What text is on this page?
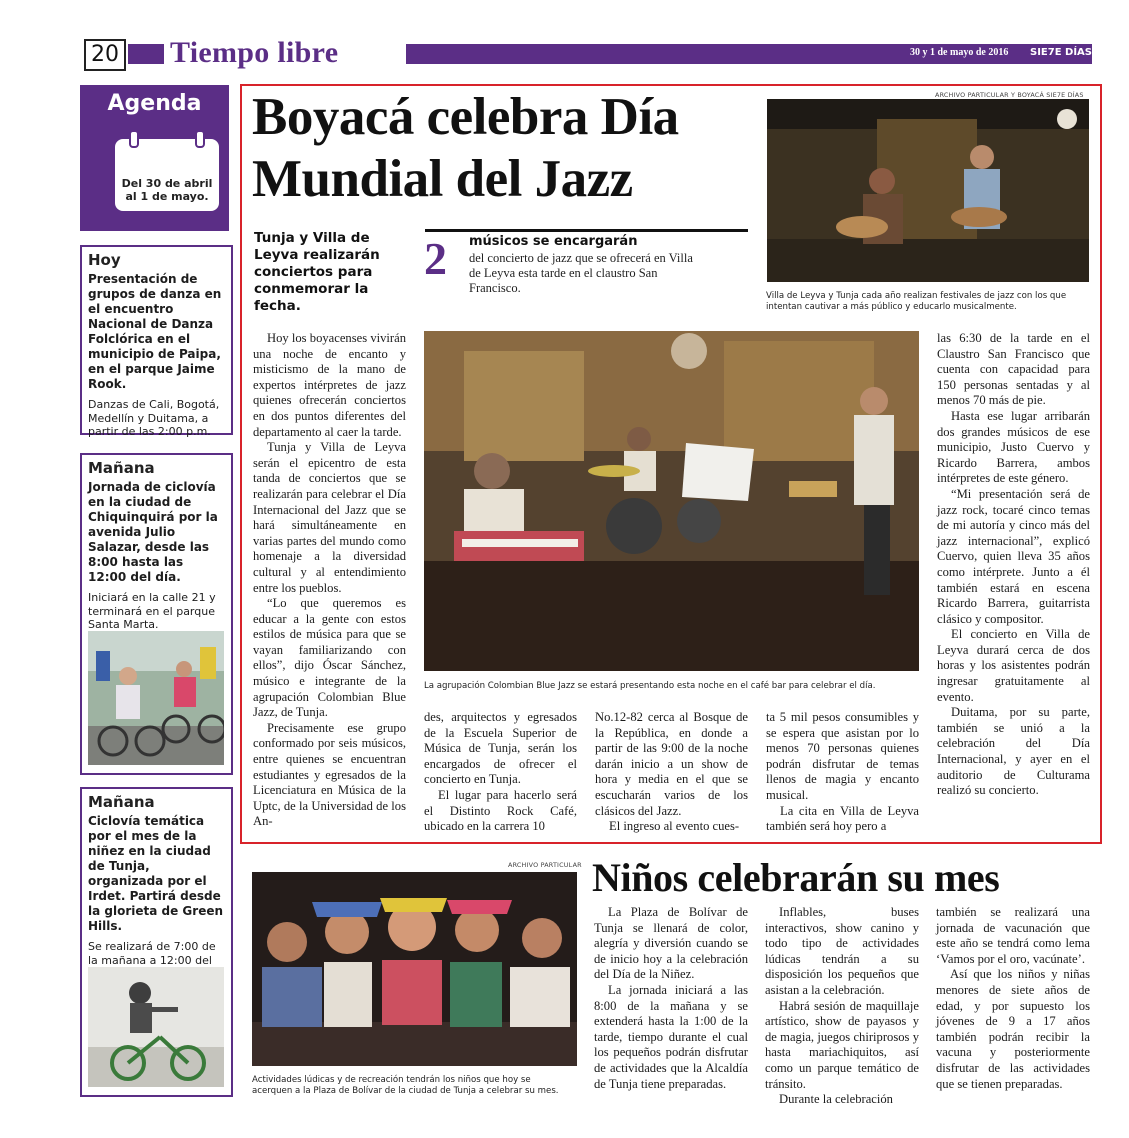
20 Tiempo libre	30 y 1 de mayo de 2016 SIE7E DÍAS
Agenda
Del 30 de abril al 1 de mayo.
Hoy
Presentación de grupos de danza en el encuentro Nacional de Danza Folclórica en el municipio de Paipa, en el parque Jaime Rook.
Danzas de Cali, Bogotá, Medellín y Duitama, a partir de las 2:00 p.m.
Mañana
Jornada de ciclovía en la ciudad de Chiquinquirá por la avenida Julio Salazar, desde las 8:00 hasta las 12:00 del día.
Iniciará en la calle 21 y terminará en el parque Santa Marta.
Mañana
Ciclovía temática por el mes de la niñez en la ciudad de Tunja, organizada por el Irdet. Partirá desde la glorieta de Green Hills.
Se realizará de 7:00 de la mañana a 12:00 del
Boyacá celebra Día Mundial del Jazz
Tunja y Villa de Leyva realizarán conciertos para conmemorar la fecha.
2 músicos se encargarán
del concierto de jazz que se ofrecerá en Villa de Leyva esta tarde en el claustro San Francisco.
ARCHIVO PARTICULAR Y BOYACÁ SIE7E DÍAS
Villa de Leyva y Tunja cada año realizan festivales de jazz con los que intentan cautivar a más público y educarlo musicalmente.
La agrupación Colombian Blue Jazz se estará presentando esta noche en el café bar para celebrar el día.

Hoy los boyacenses vivirán una noche de encanto y misticismo de la mano de expertos intérpretes de jazz quienes ofrecerán conciertos en dos puntos diferentes del departamento al caer la tarde.

Tunja y Villa de Leyva serán el epicentro de esta tanda de conciertos que se realizarán para celebrar el Día Internacional del Jazz que se hará simultáneamente en varias partes del mundo como homenaje a la diversidad cultural y al entendimiento entre los pueblos.

“Lo que queremos es educar a la gente con estos estilos de música para que se vayan familiarizando con ellos”, dijo Óscar Sánchez, músico e integrante de la agrupación Colombian Blue Jazz, de Tunja.

Precisamente ese grupo conformado por seis músicos, entre quienes se encuentran estudiantes y egresados de la Licenciatura en Música de la Uptc, de la Universidad de los An-

des, arquitectos y egresados de la Escuela Superior de Música de Tunja, serán los encargados de ofrecer el concierto en Tunja.

El lugar para hacerlo será el Distinto Rock Café, ubicado en la carrera 10

No.12-82 cerca al Bosque de la República, en donde a partir de las 9:00 de la noche darán inicio a un show de hora y media en el que se escucharán varios de los clásicos del Jazz.

El ingreso al evento cues-

ta 5 mil pesos consumibles y se espera que asistan por lo menos 70 personas quienes podrán disfrutar de temas llenos de magia y encanto musical.

La cita en Villa de Leyva también será hoy pero a

las 6:30 de la tarde en el Claustro San Francisco que cuenta con capacidad para 150 personas sentadas y al menos 70 más de pie.

Hasta ese lugar arribarán dos grandes músicos de ese municipio, Justo Cuervo y Ricardo Barrera, ambos intérpretes de este género.

“Mi presentación será de jazz rock, tocaré cinco temas de mi autoría y cinco más del jazz internacional”, explicó Cuervo, quien lleva 35 años como intérprete. Junto a él también estará en escena Ricardo Barrera, guitarrista clásico y compositor.

El concierto en Villa de Leyva durará cerca de dos horas y los asistentes podrán ingresar gratuitamente al evento.

Duitama, por su parte, también se unió a la celebración del Día Internacional, y ayer en el auditorio de Culturama realizó su concierto.

ARCHIVO PARTICULAR
Actividades lúdicas y de recreación tendrán los niños que hoy se acerquen a la Plaza de Bolívar de la ciudad de Tunja a celebrar su mes.
Niños celebrarán su mes

La Plaza de Bolívar de Tunja se llenará de color, alegría y diversión cuando se de inicio hoy a la celebración del Día de la Niñez.

La jornada iniciará a las 8:00 de la mañana y se extenderá hasta la 1:00 de la tarde, tiempo durante el cual los pequeños podrán disfrutar de actividades que la Alcaldía de Tunja tiene preparadas.

Inflables, buses interactivos, show canino y todo tipo de actividades lúdicas tendrán a su disposición los pequeños que asistan a la celebración.

Habrá sesión de maquillaje artístico, show de payasos y de magia, juegos chiriprosos y hasta mariachiquitos, así como un parque temático de tránsito.

Durante la celebración

también se realizará una jornada de vacunación que este año se tendrá como lema ‘Vamos por el oro, vacúnate’.

Así que los niños y niñas menores de siete años de edad, y por supuesto los jóvenes de 9 a 17 años también podrán recibir la vacuna y posteriormente disfrutar de las actividades que se tienen preparadas.
